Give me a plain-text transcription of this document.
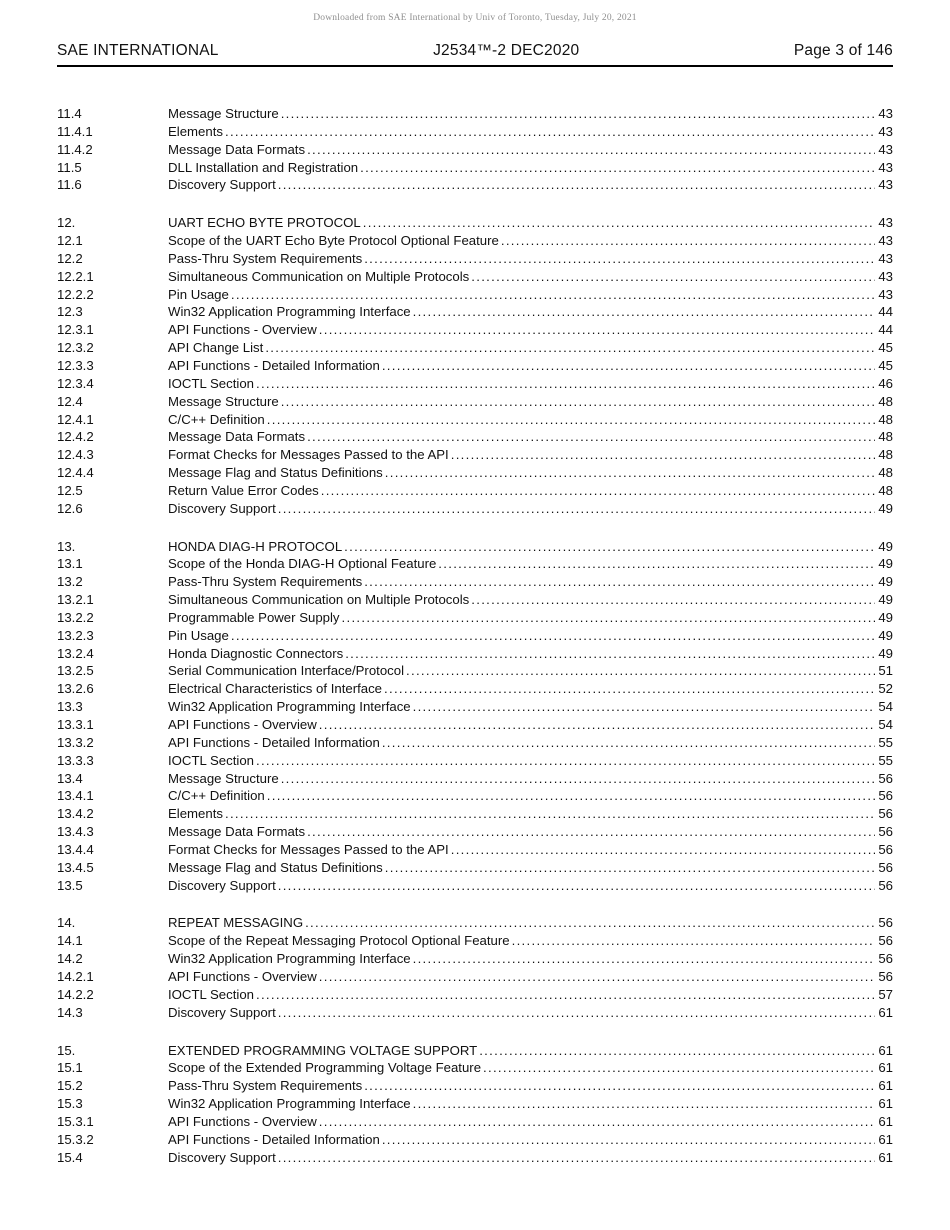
Downloaded from SAE International by Univ of Toronto, Tuesday, July 20, 2021
SAE INTERNATIONAL	J2534™-2 DEC2020	Page 3 of 146
11.4	Message Structure .....	43
11.4.1	Elements .....	43
11.4.2	Message Data Formats .....	43
11.5	DLL Installation and Registration .....	43
11.6	Discovery Support .....	43
12.	UART ECHO BYTE PROTOCOL .....	43
12.1	Scope of the UART Echo Byte Protocol Optional Feature .....	43
12.2	Pass-Thru System Requirements .....	43
12.2.1	Simultaneous Communication on Multiple Protocols .....	43
12.2.2	Pin Usage .....	43
12.3	Win32 Application Programming Interface .....	44
12.3.1	API Functions - Overview .....	44
12.3.2	API Change List .....	45
12.3.3	API Functions - Detailed Information .....	45
12.3.4	IOCTL Section .....	46
12.4	Message Structure .....	48
12.4.1	C/C++ Definition .....	48
12.4.2	Message Data Formats .....	48
12.4.3	Format Checks for Messages Passed to the API .....	48
12.4.4	Message Flag and Status Definitions .....	48
12.5	Return Value Error Codes .....	48
12.6	Discovery Support .....	49
13.	HONDA DIAG-H PROTOCOL .....	49
13.1	Scope of the Honda DIAG-H Optional Feature .....	49
13.2	Pass-Thru System Requirements .....	49
13.2.1	Simultaneous Communication on Multiple Protocols .....	49
13.2.2	Programmable Power Supply .....	49
13.2.3	Pin Usage .....	49
13.2.4	Honda Diagnostic Connectors .....	49
13.2.5	Serial Communication Interface/Protocol .....	51
13.2.6	Electrical Characteristics of Interface .....	52
13.3	Win32 Application Programming Interface .....	54
13.3.1	API Functions - Overview .....	54
13.3.2	API Functions - Detailed Information .....	55
13.3.3	IOCTL Section .....	55
13.4	Message Structure .....	56
13.4.1	C/C++ Definition .....	56
13.4.2	Elements .....	56
13.4.3	Message Data Formats .....	56
13.4.4	Format Checks for Messages Passed to the API .....	56
13.4.5	Message Flag and Status Definitions .....	56
13.5	Discovery Support .....	56
14.	REPEAT MESSAGING .....	56
14.1	Scope of the Repeat Messaging Protocol Optional Feature .....	56
14.2	Win32 Application Programming Interface .....	56
14.2.1	API Functions - Overview .....	56
14.2.2	IOCTL Section .....	57
14.3	Discovery Support .....	61
15.	EXTENDED PROGRAMMING VOLTAGE SUPPORT .....	61
15.1	Scope of the Extended Programming Voltage Feature .....	61
15.2	Pass-Thru System Requirements .....	61
15.3	Win32 Application Programming Interface .....	61
15.3.1	API Functions - Overview .....	61
15.3.2	API Functions - Detailed Information .....	61
15.4	Discovery Support .....	61
